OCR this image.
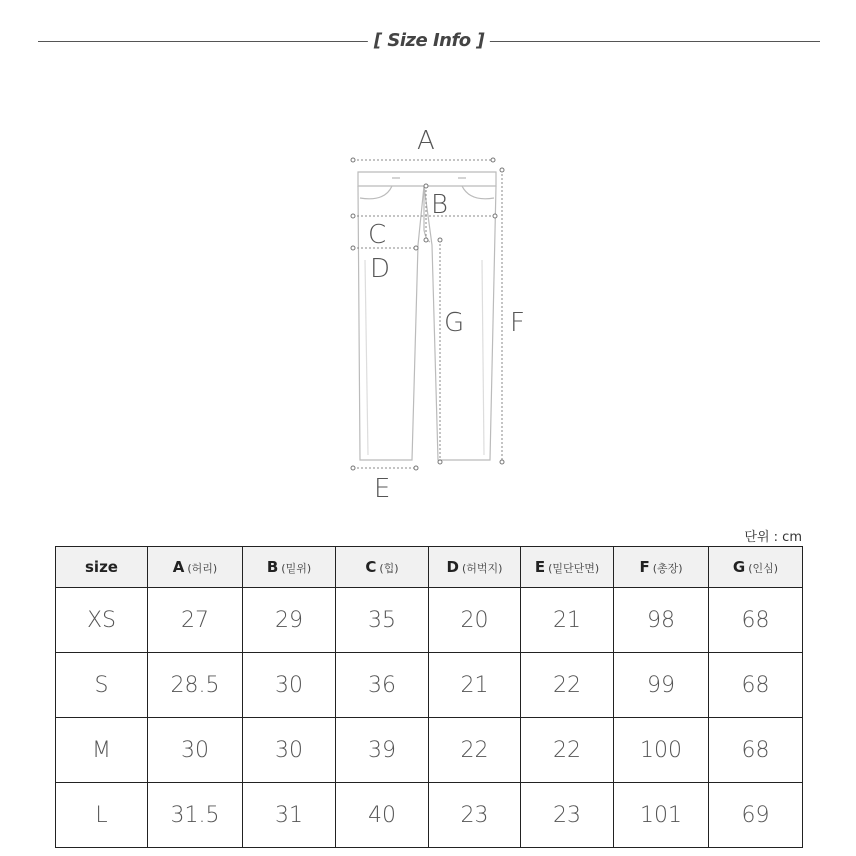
[ Size Info ]
A
B
C
D
E
F
G
단위 : cm
size	A (허리)	B (밑위)	C (힙)	D (허벅지)	E (밑단단면)	F (총장)	G (인심)
XS	27	29	35	20	21	98	68
S	28.5	30	36	21	22	99	68
M	30	30	39	22	22	100	68
L	31.5	31	40	23	23	101	69
